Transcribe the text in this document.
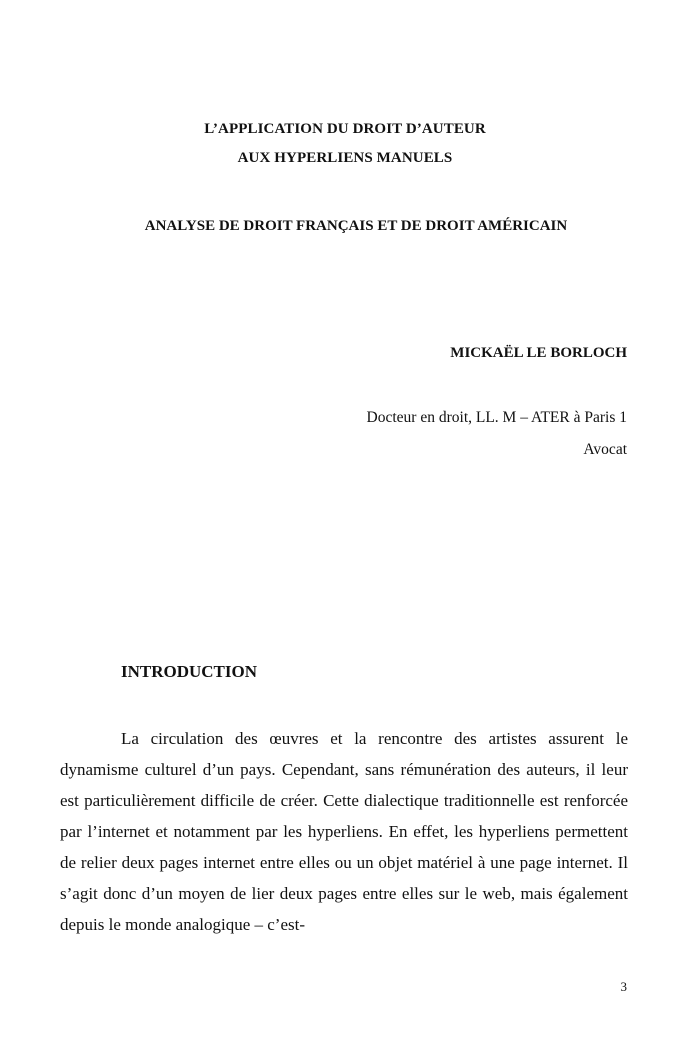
L’APPLICATION DU DROIT D’AUTEUR
AUX HYPERLIENS MANUELS
ANALYSE DE DROIT FRANÇAIS ET DE DROIT AMÉRICAIN
MICKAËL LE BORLOCH
Docteur en droit, LL. M – ATER à Paris 1
Avocat
INTRODUCTION

La circulation des œuvres et la rencontre des artistes assurent le dynamisme culturel d’un pays. Cependant, sans rémunération des auteurs, il leur est particulièrement difficile de créer. Cette dialectique traditionnelle est renforcée par l’internet et notamment par les hyperliens. En effet, les hyperliens permettent de relier deux pages internet entre elles ou un objet matériel à une page internet. Il s’agit donc d’un moyen de lier deux pages entre elles sur le web, mais également depuis le monde analogique – c’est-

3
